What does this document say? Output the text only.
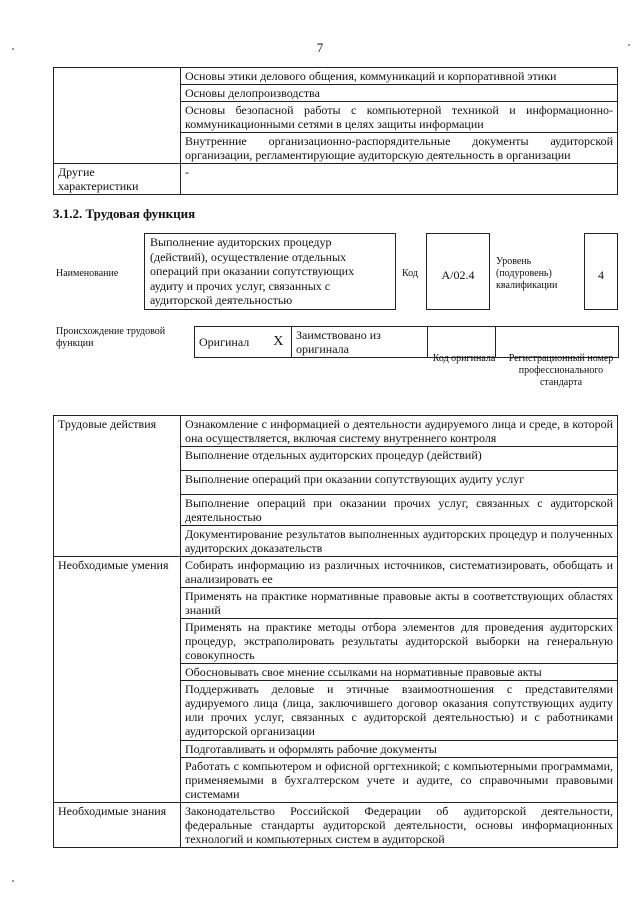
7
	Основы этики делового общения, коммуникаций и корпоративной этики
	Основы делопроизводства
	Основы безопасной работы с компьютерной техникой и информационно-коммуникационными сетями в целях защиты информации
	Внутренние организационно-распорядительные документы аудиторской организации, регламентирующие аудиторскую деятельность в организации
Другие характеристики	-
3.1.2. Трудовая функция
Наименование
Выполнение аудиторских процедур (действий), осуществление отдельных операций при оказании сопутствующих аудиту и прочих услуг, связанных с аудиторской деятельностью
Код	A/02.4
Уровень (подуровень) квалификации
4
Происхождение трудовой функции	Оригинал	X	Заимствовано из оригинала		
Код оригинала	Регистрационный номер профессионального стандарта
Трудовые действия	Ознакомление с информацией о деятельности аудируемого лица и среде, в которой она осуществляется, включая систему внутреннего контроля
	Выполнение отдельных аудиторских процедур (действий)
	Выполнение операций при оказании сопутствующих аудиту услуг
	Выполнение операций при оказании прочих услуг, связанных с аудиторской деятельностью
	Документирование результатов выполненных аудиторских процедур и полученных аудиторских доказательств
Необходимые умения	Собирать информацию из различных источников, систематизировать, обобщать и анализировать ее
	Применять на практике нормативные правовые акты в соответствующих областях знаний
	Применять на практике методы отбора элементов для проведения аудиторских процедур, экстраполировать результаты аудиторской выборки на генеральную совокупность
	Обосновывать свое мнение ссылками на нормативные правовые акты
	Поддерживать деловые и этичные взаимоотношения с представителями аудируемого лица (лица, заключившего договор оказания сопутствующих аудиту или прочих услуг, связанных с аудиторской деятельностью) и с работниками аудиторской организации
	Подготавливать и оформлять рабочие документы
	Работать с компьютером и офисной оргтехникой; с компьютерными программами, применяемыми в бухгалтерском учете и аудите, со справочными правовыми системами
Необходимые знания	Законодательство Российской Федерации об аудиторской деятельности, федеральные стандарты аудиторской деятельности, основы информационных технологий и компьютерных систем в аудиторской
